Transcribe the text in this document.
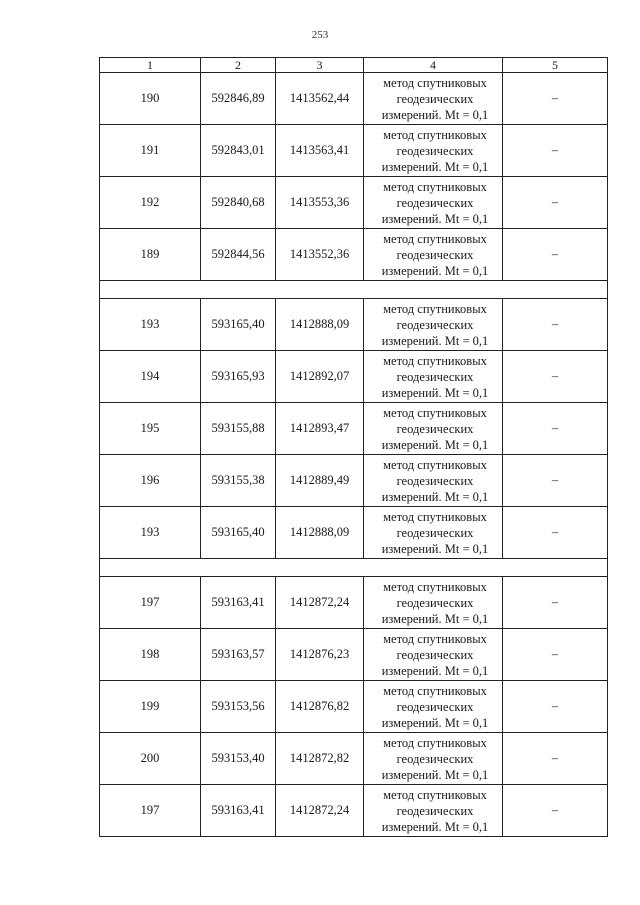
253
1	2	3	4	5
190	592846,89	1413562,44	метод спутниковых
геодезических
измерений. Mt = 0,1	–
191	592843,01	1413563,41	метод спутниковых
геодезических
измерений. Mt = 0,1	–
192	592840,68	1413553,36	метод спутниковых
геодезических
измерений. Mt = 0,1	–
189	592844,56	1413552,36	метод спутниковых
геодезических
измерений. Mt = 0,1	–

193	593165,40	1412888,09	метод спутниковых
геодезических
измерений. Mt = 0,1	–
194	593165,93	1412892,07	метод спутниковых
геодезических
измерений. Mt = 0,1	–
195	593155,88	1412893,47	метод спутниковых
геодезических
измерений. Mt = 0,1	–
196	593155,38	1412889,49	метод спутниковых
геодезических
измерений. Mt = 0,1	–
193	593165,40	1412888,09	метод спутниковых
геодезических
измерений. Mt = 0,1	–

197	593163,41	1412872,24	метод спутниковых
геодезических
измерений. Mt = 0,1	–
198	593163,57	1412876,23	метод спутниковых
геодезических
измерений. Mt = 0,1	–
199	593153,56	1412876,82	метод спутниковых
геодезических
измерений. Mt = 0,1	–
200	593153,40	1412872,82	метод спутниковых
геодезических
измерений. Mt = 0,1	–
197	593163,41	1412872,24	метод спутниковых
геодезических
измерений. Mt = 0,1	–
